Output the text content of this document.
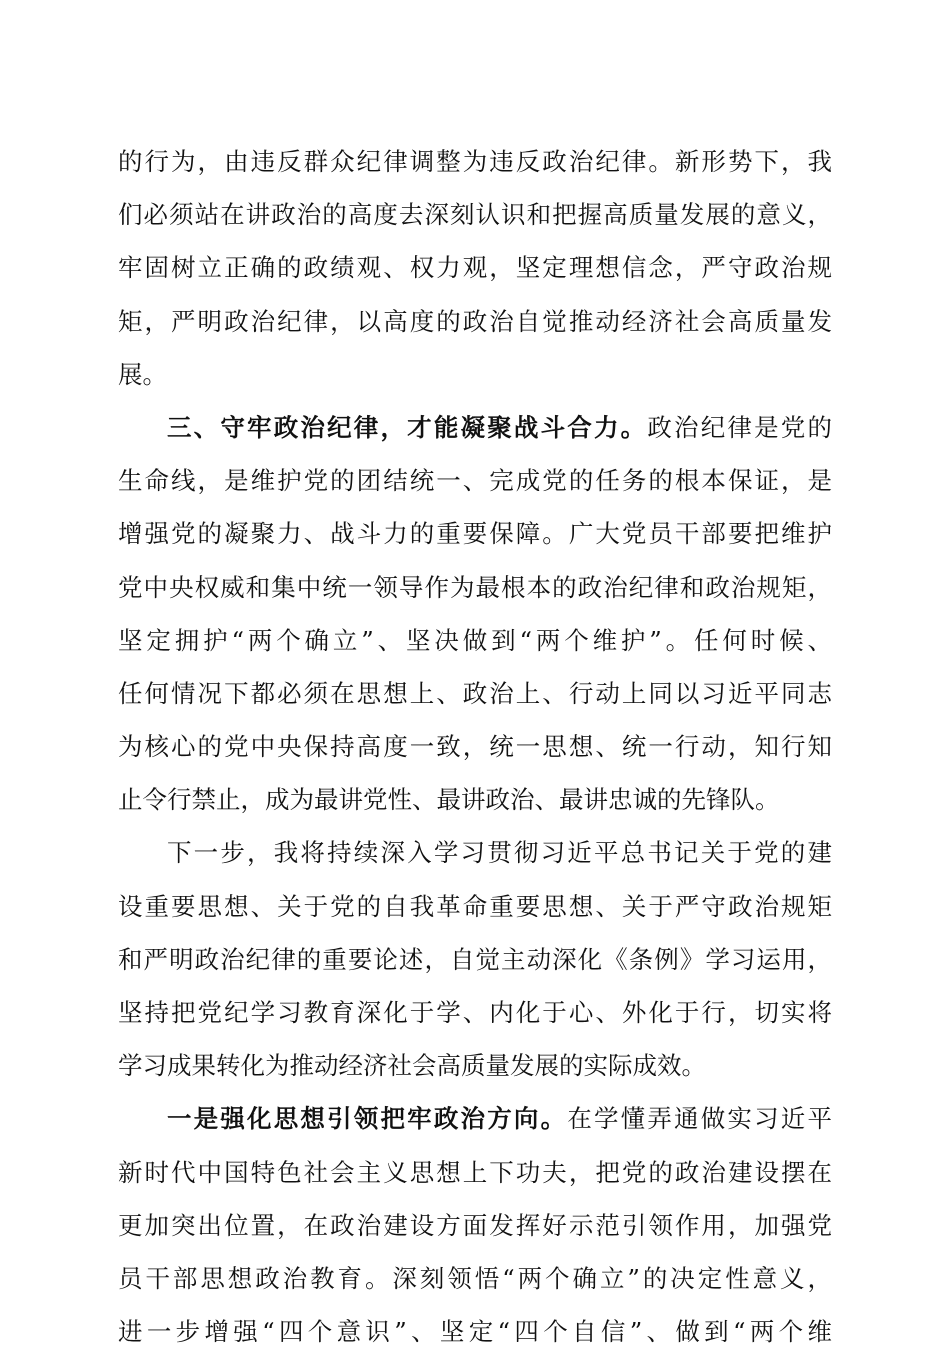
的行为，由违反群众纪律调整为违反政治纪律。新形势下，我
们必须站在讲政治的高度去深刻认识和把握高质量发展的意义，
牢固树立正确的政绩观、权力观，坚定理想信念，严守政治规
矩，严明政治纪律，以高度的政治自觉推动经济社会高质量发
展。
三、守牢政治纪律，才能凝聚战斗合力。政治纪律是党的
生命线，是维护党的团结统一、完成党的任务的根本保证，是
增强党的凝聚力、战斗力的重要保障。广大党员干部要把维护
党中央权威和集中统一领导作为最根本的政治纪律和政治规矩，
坚定拥护“两个确立”、坚决做到“两个维护”。任何时候、
任何情况下都必须在思想上、政治上、行动上同以习近平同志
为核心的党中央保持高度一致，统一思想、统一行动，知行知
止令行禁止，成为最讲党性、最讲政治、最讲忠诚的先锋队。
下一步，我将持续深入学习贯彻习近平总书记关于党的建
设重要思想、关于党的自我革命重要思想、关于严守政治规矩
和严明政治纪律的重要论述，自觉主动深化《条例》学习运用，
坚持把党纪学习教育深化于学、内化于心、外化于行，切实将
学习成果转化为推动经济社会高质量发展的实际成效。
一是强化思想引领把牢政治方向。在学懂弄通做实习近平
新时代中国特色社会主义思想上下功夫，把党的政治建设摆在
更加突出位置，在政治建设方面发挥好示范引领作用，加强党
员干部思想政治教育。深刻领悟“两个确立”的决定性意义，
进一步增强“四个意识”、坚定“四个自信”、做到“两个维
